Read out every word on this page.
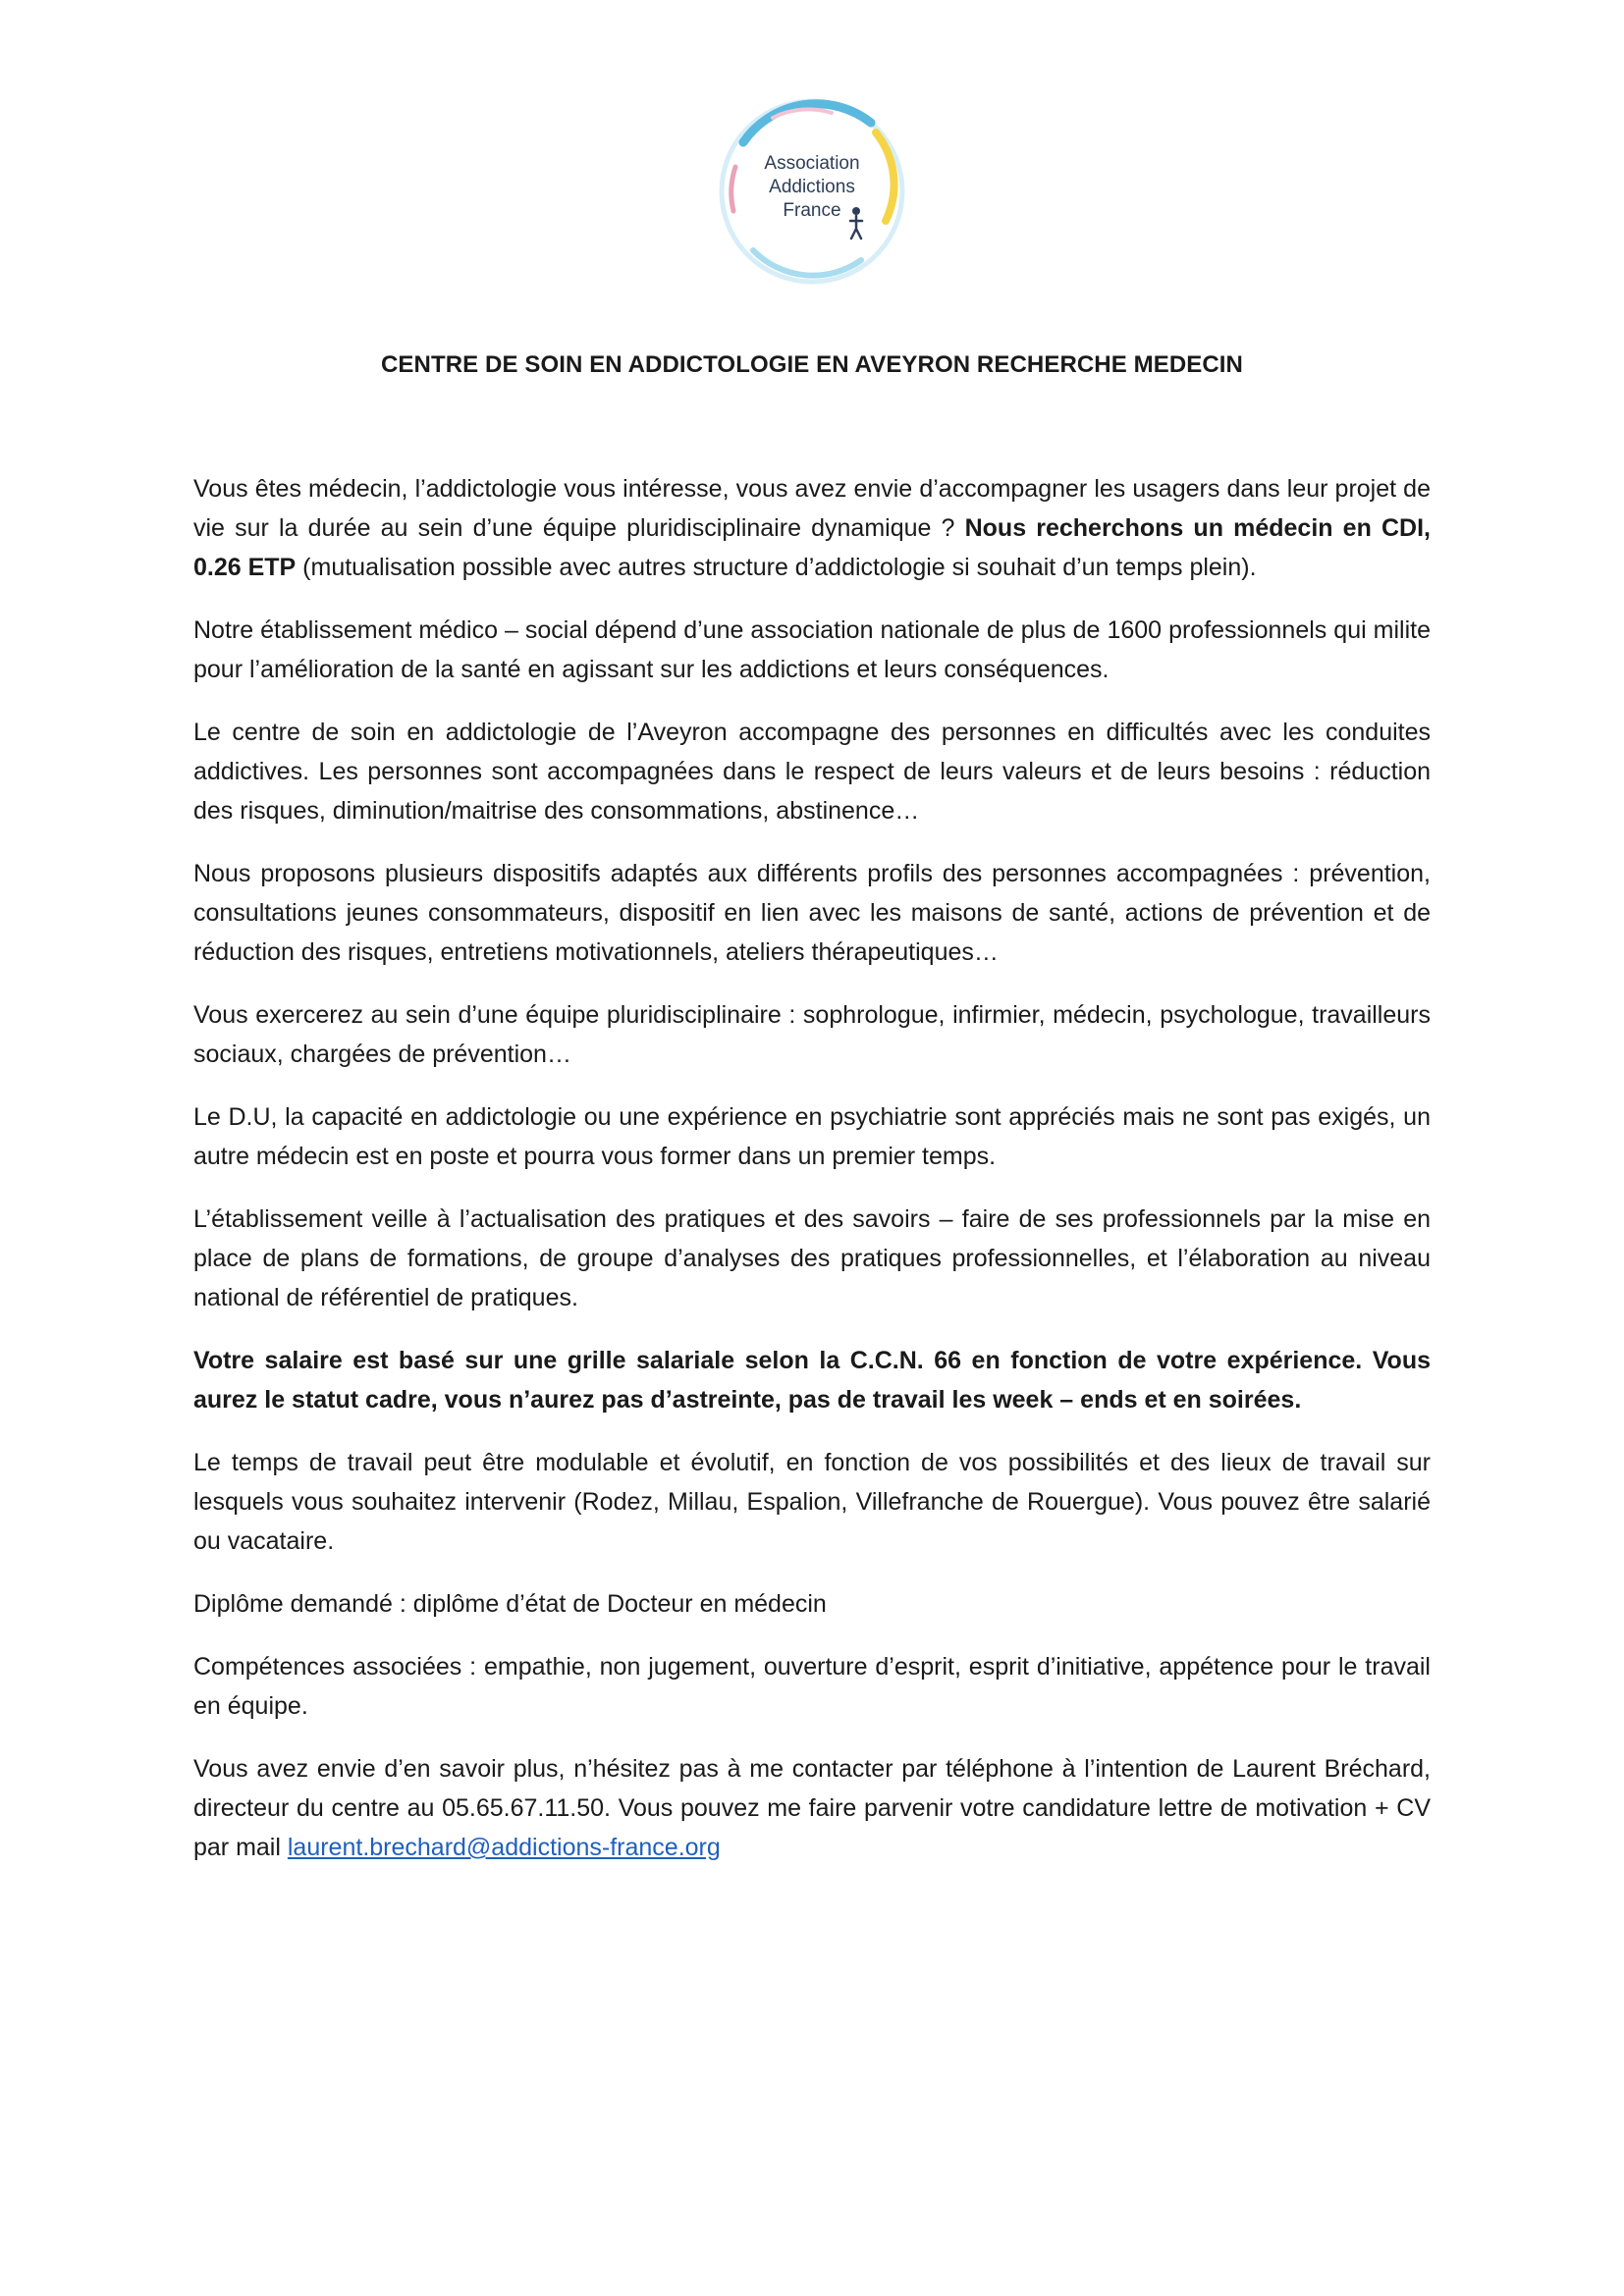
Association
Addictions
France
CENTRE DE SOIN EN ADDICTOLOGIE EN AVEYRON RECHERCHE MEDECIN

Vous êtes médecin, l’addictologie vous intéresse, vous avez envie d’accompagner les usagers dans leur projet de vie sur la durée au sein d’une équipe pluridisciplinaire dynamique ? Nous recherchons un médecin en CDI, 0.26 ETP (mutualisation possible avec autres structure d’addictologie si souhait d’un temps plein).

Notre établissement médico – social dépend d’une association nationale de plus de 1600 professionnels qui milite pour l’amélioration de la santé en agissant sur les addictions et leurs conséquences.

Le centre de soin en addictologie de l’Aveyron accompagne des personnes en difficultés avec les conduites addictives. Les personnes sont accompagnées dans le respect de leurs valeurs et de leurs besoins : réduction des risques, diminution/maitrise des consommations, abstinence…

Nous proposons plusieurs dispositifs adaptés aux différents profils des personnes accompagnées : prévention, consultations jeunes consommateurs, dispositif en lien avec les maisons de santé, actions de prévention et de réduction des risques, entretiens motivationnels, ateliers thérapeutiques…

Vous exercerez au sein d’une équipe pluridisciplinaire : sophrologue, infirmier, médecin, psychologue, travailleurs sociaux, chargées de prévention…

Le D.U, la capacité en addictologie ou une expérience en psychiatrie sont appréciés mais ne sont pas exigés, un autre médecin est en poste et pourra vous former dans un premier temps.

L’établissement veille à l’actualisation des pratiques et des savoirs – faire de ses professionnels par la mise en place de plans de formations, de groupe d’analyses des pratiques professionnelles, et l’élaboration au niveau national de référentiel de pratiques.

Votre salaire est basé sur une grille salariale selon la C.C.N. 66 en fonction de votre expérience. Vous aurez le statut cadre, vous n’aurez pas d’astreinte, pas de travail les week – ends et en soirées.

Le temps de travail peut être modulable et évolutif, en fonction de vos possibilités et des lieux de travail sur lesquels vous souhaitez intervenir (Rodez, Millau, Espalion, Villefranche de Rouergue). Vous pouvez être salarié ou vacataire.

Diplôme demandé : diplôme d’état de Docteur en médecin

Compétences associées : empathie, non jugement, ouverture d’esprit, esprit d’initiative, appétence pour le travail en équipe.

Vous avez envie d’en savoir plus, n’hésitez pas à me contacter par téléphone à l’intention de Laurent Bréchard, directeur du centre au 05.65.67.11.50. Vous pouvez me faire parvenir votre candidature lettre de motivation + CV par mail laurent.brechard@addictions-france.org
